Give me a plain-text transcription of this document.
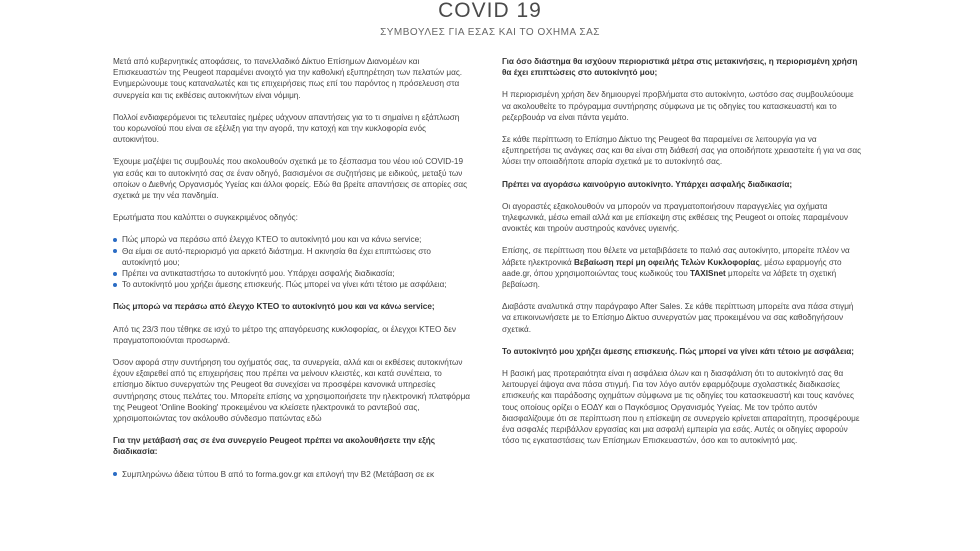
COVID 19
ΣΥΜΒΟΥΛΕΣ ΓΙΑ ΕΣΑΣ ΚΑΙ ΤΟ ΟΧΗΜΑ ΣΑΣ

Μετά από κυβερνητικές αποφάσεις, το πανελλαδικό Δίκτυο Επίσημων Διανομέων και Επισκευαστών της Peugeot παραμένει ανοιχτό για την καθολική εξυπηρέτηση των πελατών μας. Ενημερώνουμε τους καταναλωτές και τις επιχειρήσεις πως επί του παρόντος η πρόσελευση στα συνεργεία και τις εκθέσεις αυτοκινήτων είναι νόμιμη.

Πολλοί ενδιαφερόμενοι τις τελευταίες ημέρες υάχνουν απαντήσεις για το τι σημαίνει η εξάπλωση του κορωνοϊού που είναι σε εξέλιξη για την αγορά, την κατοχή και την κυκλοφορία ενός αυτοκινήτου.

Έχουμε μαζέψει τις συμβουλές που ακολουθούν σχετικά με το ξέσπασμα του νέου ιού COVID-19 για εσάς και το αυτοκίνητό σας σε έναν οδηγό, βασισμένοι σε συζητήσεις με ειδικούς, μεταξύ των οποίων ο Διεθνής Οργανισμός Υγείας και άλλοι φορείς. Εδώ θα βρείτε απαντήσεις σε απορίες σας σχετικά με την νέα πανδημία.

Ερωτήματα που καλύπτει ο συγκεκριμένος οδηγός:

Πώς μπορώ να περάσω από έλεγχο ΚΤΕΟ το αυτοκίνητό μου και να κάνω service;
Θα είμαι σε αυτό-περιορισμό για αρκετό διάστημα. Η ακινησία θα έχει επιπτώσεις στο αυτοκίνητό μου;
Πρέπει να αντικαταστήσω το αυτοκίνητό μου. Υπάρχει ασφαλής διαδικασία;
Το αυτοκίνητό μου χρήζει άμεσης επισκευής. Πώς μπορεί να γίνει κάτι τέτοιο με ασφάλεια;

Πώς μπορώ να περάσω από έλεγχο ΚΤΕΟ το αυτοκίνητό μου και να κάνω service;

Από τις 23/3 που τέθηκε σε ισχύ το μέτρο της απαγόρευσης κυκλοφορίας, οι έλεγχοι ΚΤΕΟ δεν πραγματοποιούνται προσωρινά.

Όσον αφορά στην συντήρηση του οχήματός σας, τα συνεργεία, αλλά και οι εκθέσεις αυτοκινήτων έχουν εξαιρεθεί από τις επιχειρήσεις που πρέπει να μείνουν κλειστές, και κατά συνέπεια, το επίσημο δίκτυο συνεργατών της Peugeot θα συνεχίσει να προσφέρει κανονικά υπηρεσίες συντήρησης στους πελάτες του. Μπορείτε επίσης να χρησιμοποιήσετε την ηλεκτρονική πλατφόρμα της Peugeot 'Online Booking' προκειμένου να κλείσετε ηλεκτρονικά το ραντεβού σας, χρησιμοποιώντας τον ακόλουθο σύνδεσμο πατώντας εδώ

Για την μετάβασή σας σε ένα συνεργείο Peugeot πρέπει να ακολουθήσετε την εξής διαδικασία:

Συμπληρώνω άδεια τύπου Β από το forma.gov.gr και επιλογή την Β2 (Μετάβαση σε εκ

Για όσο διάστημα θα ισχύουν περιοριστικά μέτρα στις μετακινήσεις, η περιορισμένη χρήση θα έχει επιπτώσεις στο αυτοκίνητό μου;

Η περιορισμένη χρήση δεν δημιουργεί προβλήματα στο αυτοκίνητο, ωστόσο σας συμβουλεύουμε να ακολουθείτε το πρόγραμμα συντήρησης σύμφωνα με τις οδηγίες του κατασκευαστή και το ρεζερβουάρ να είναι πάντα γεμάτο.

Σε κάθε περίπτωση το Επίσημο Δίκτυο της Peugeot θα παραμείνει σε λειτουργία για να εξυπηρετήσει τις ανάγκες σας και θα είναι στη διάθεσή σας για οποιδήποτε χρειαστείτε ή για να σας λύσει την οποιαδήποτε απορία σχετικά με το αυτοκίνητό σας.

Πρέπει να αγοράσω καινούργιο αυτοκίνητο. Υπάρχει ασφαλής διαδικασία;

Οι αγοραστές εξακολουθούν να μπορούν να πραγματοποιήσουν παραγγελίες για οχήματα τηλεφωνικά, μέσω email αλλά και με επίσκεψη στις εκθέσεις της Peugeot οι οποίες παραμένουν ανοικτές και τηρούν αυστηρούς κανόνες υγιεινής.

Επίσης, σε περίπτωση που θέλετε να μεταβιβάσετε το παλιό σας αυτοκίνητο, μπορείτε πλέον να λάβετε ηλεκτρονικά Βεβαίωση περί μη οφειλής Τελών Κυκλοφορίας, μέσω εφαρμογής στο aade.gr, όπου χρησιμοποιώντας τους κωδικούς του TAXISnet μπορείτε να λάβετε τη σχετική βεβαίωση.

Διαβάστε αναλυτικά στην παράγραφο After Sales. Σε κάθε περίπτωση μπορείτε ανα πάσα στιγμή να επικοινωνήσετε με το Επίσημο Δίκτυο συνεργατών μας προκειμένου να σας καθοδηγήσουν σχετικά.

Το αυτοκίνητό μου χρήζει άμεσης επισκευής. Πώς μπορεί να γίνει κάτι τέτοιο με ασφάλεια;

Η βασική μας προτεραιότητα είναι η ασφάλεια όλων και η διασφάλιση ότι το αυτοκίνητό σας θα λειτουργεί άψογα ανα πάσα στιγμή. Για τον λόγο αυτόν εφαρμόζουμε σχολαστικές διαδικασίες επισκευής και παράδοσης οχημάτων σύμφωνα με τις οδηγίες του κατασκευαστή και τους κανόνες τους οποίους ορίζει ο ΕΟΔΥ και ο Παγκόσμιος Οργανισμός Υγείας. Με τον τρόπο αυτόν διασφαλίζουμε ότι σε περίπτωση που η επίσκεψη σε συνεργείο κρίνεται απαραίτητη, προσφέρουμε ένα ασφαλές περιβάλλον εργασίας και μια ασφαλή εμπειρία για εσάς. Αυτές οι οδηγίες αφορούν τόσο τις εγκαταστάσεις των Επίσημων Επισκευαστών, όσο και το αυτοκίνητό μας.
